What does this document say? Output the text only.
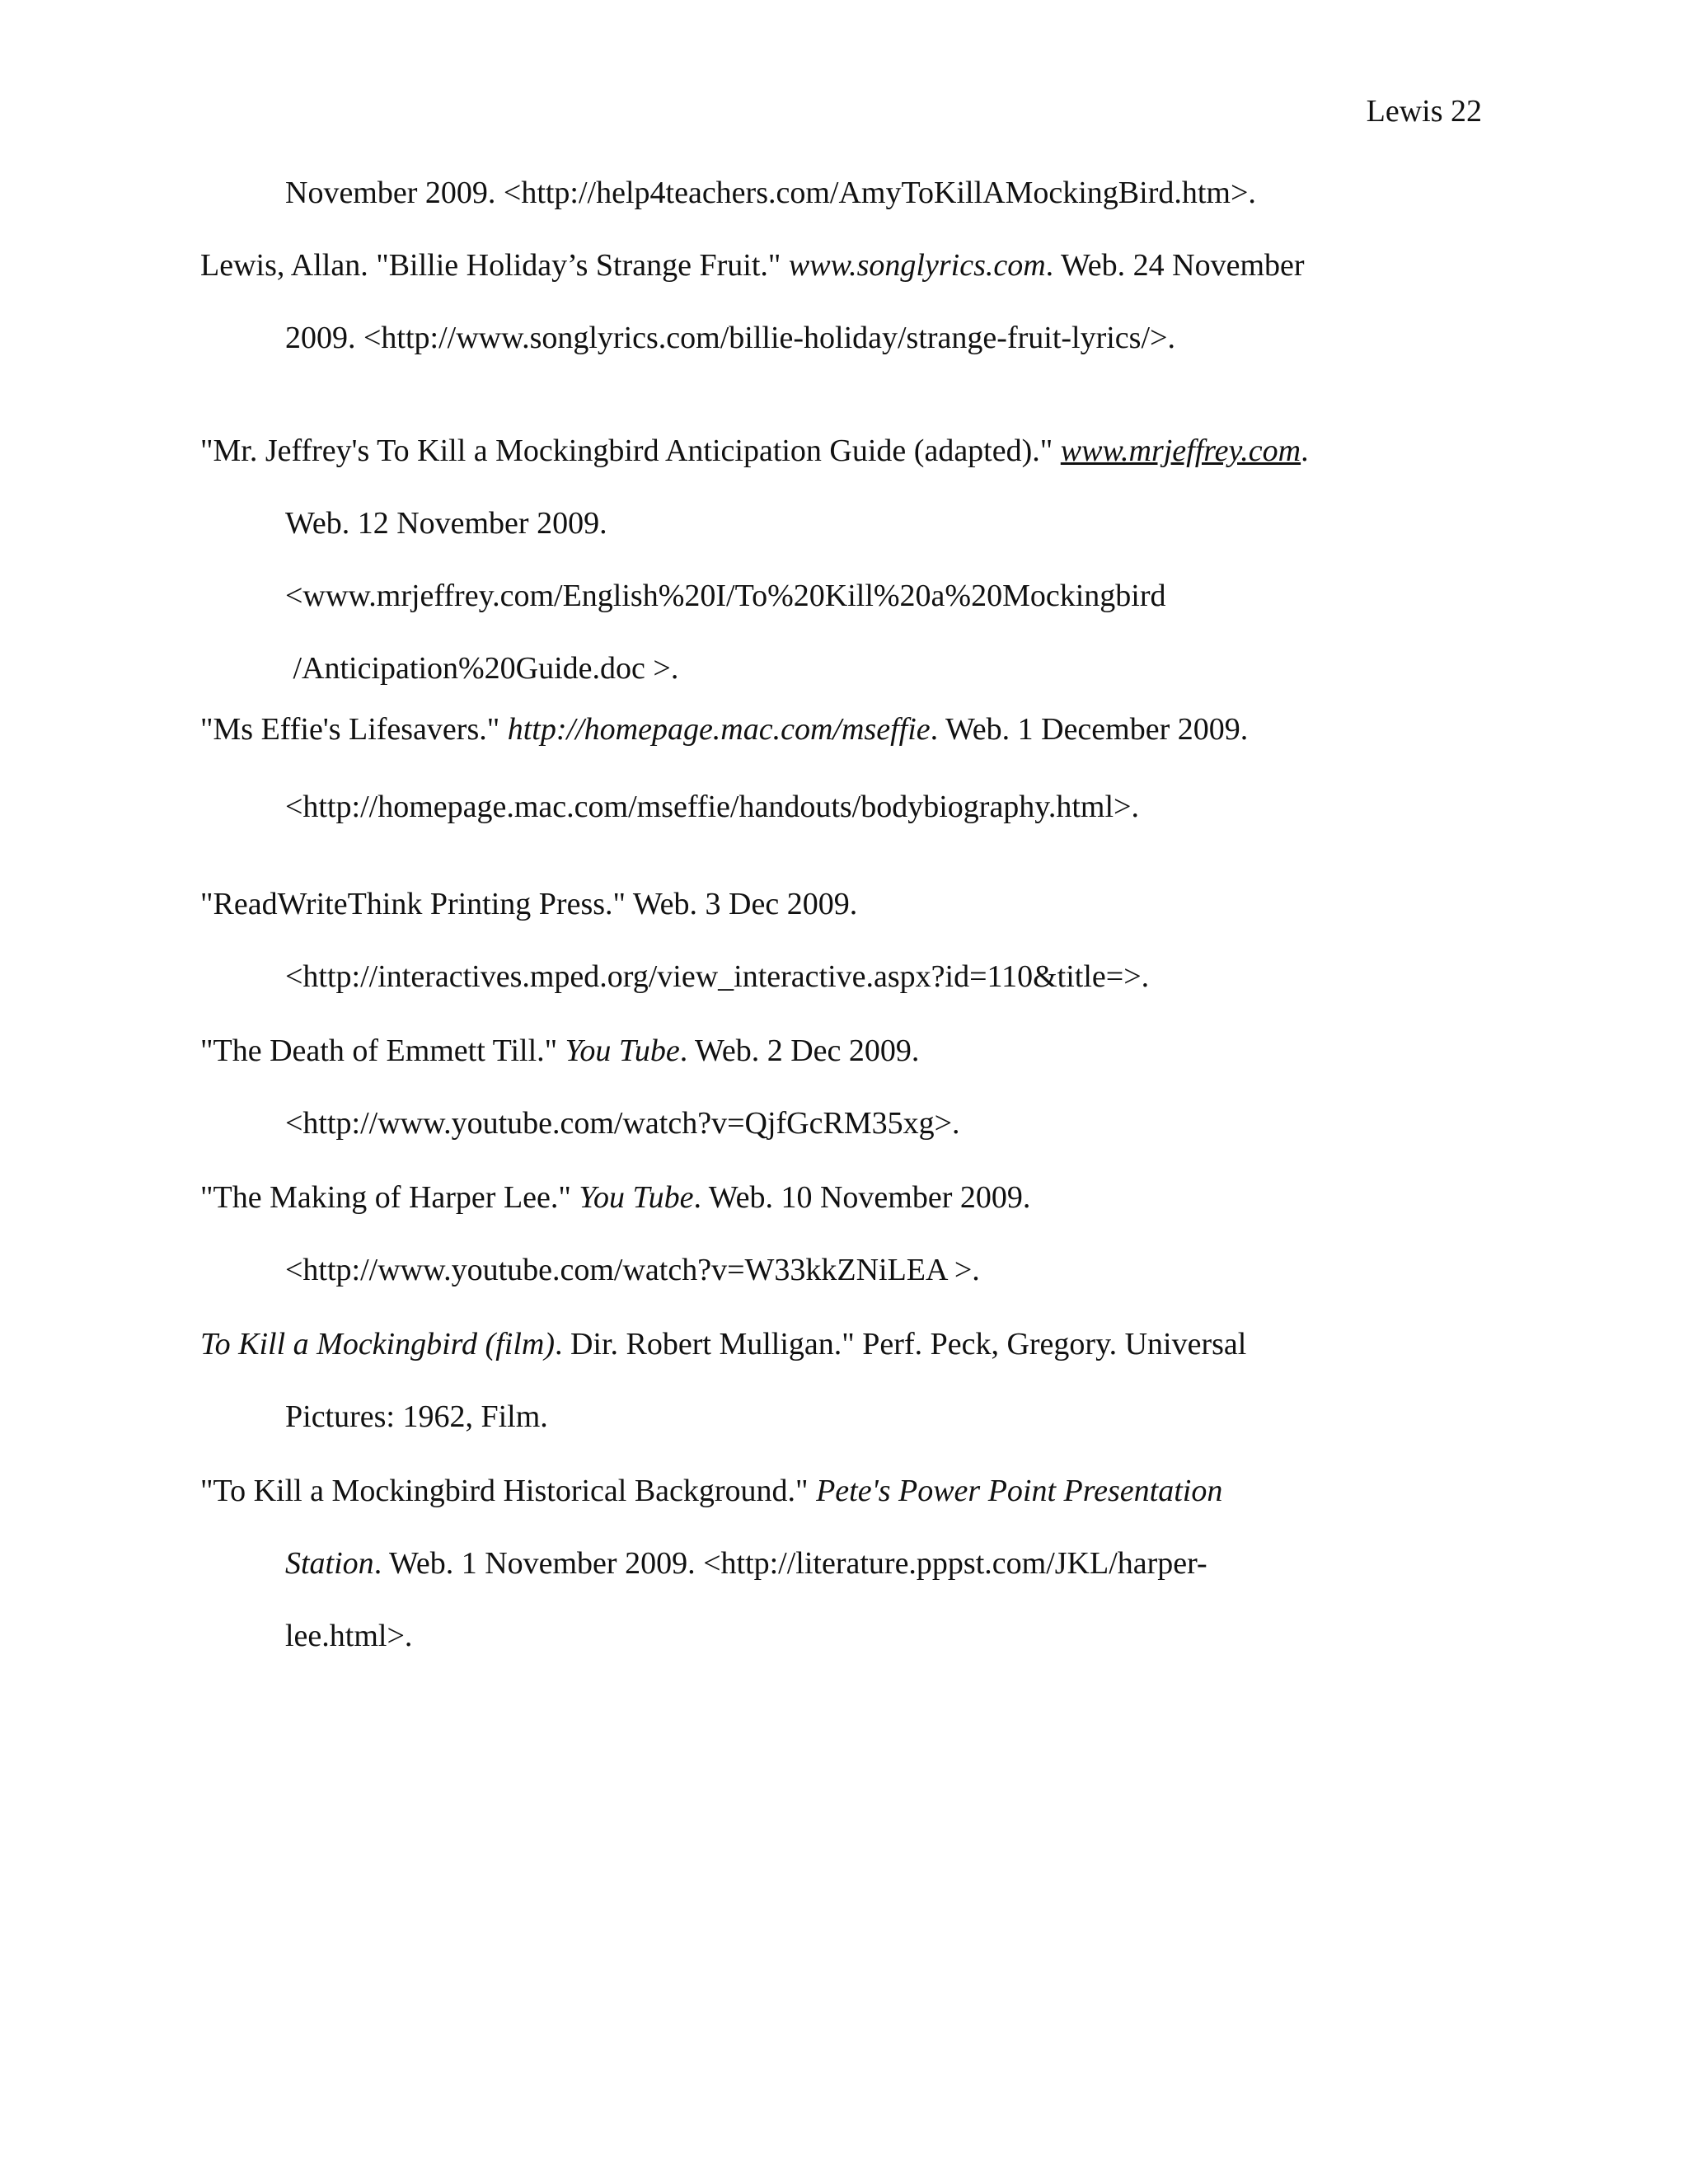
Lewis 22

November 2009. <http://help4teachers.com/AmyToKillAMockingBird.htm>.

Lewis, Allan. "Billie Holiday’s Strange Fruit." www.songlyrics.com. Web. 24 November
2009. <http://www.songlyrics.com/billie-holiday/strange-fruit-lyrics/>.

"Mr. Jeffrey's To Kill a Mockingbird Anticipation Guide (adapted)." www.mrjeffrey.com.
Web. 12 November 2009.
<www.mrjeffrey.com/English%20I/To%20Kill%20a%20Mockingbird
/Anticipation%20Guide.doc >.

"Ms Effie's Lifesavers." http://homepage.mac.com/mseffie. Web. 1 December 2009.
<http://homepage.mac.com/mseffie/handouts/bodybiography.html>.

"ReadWriteThink Printing Press." Web. 3 Dec 2009.
<http://interactives.mped.org/view_interactive.aspx?id=110&title=>.

"The Death of Emmett Till." You Tube. Web. 2 Dec 2009.
<http://www.youtube.com/watch?v=QjfGcRM35xg>.

"The Making of Harper Lee." You Tube. Web. 10 November 2009.
<http://www.youtube.com/watch?v=W33kkZNiLEA >.

To Kill a Mockingbird (film). Dir. Robert Mulligan." Perf. Peck, Gregory. Universal
Pictures: 1962, Film.

"To Kill a Mockingbird Historical Background." Pete's Power Point Presentation
Station. Web. 1 November 2009. <http://literature.pppst.com/JKL/harper-
lee.html>.
